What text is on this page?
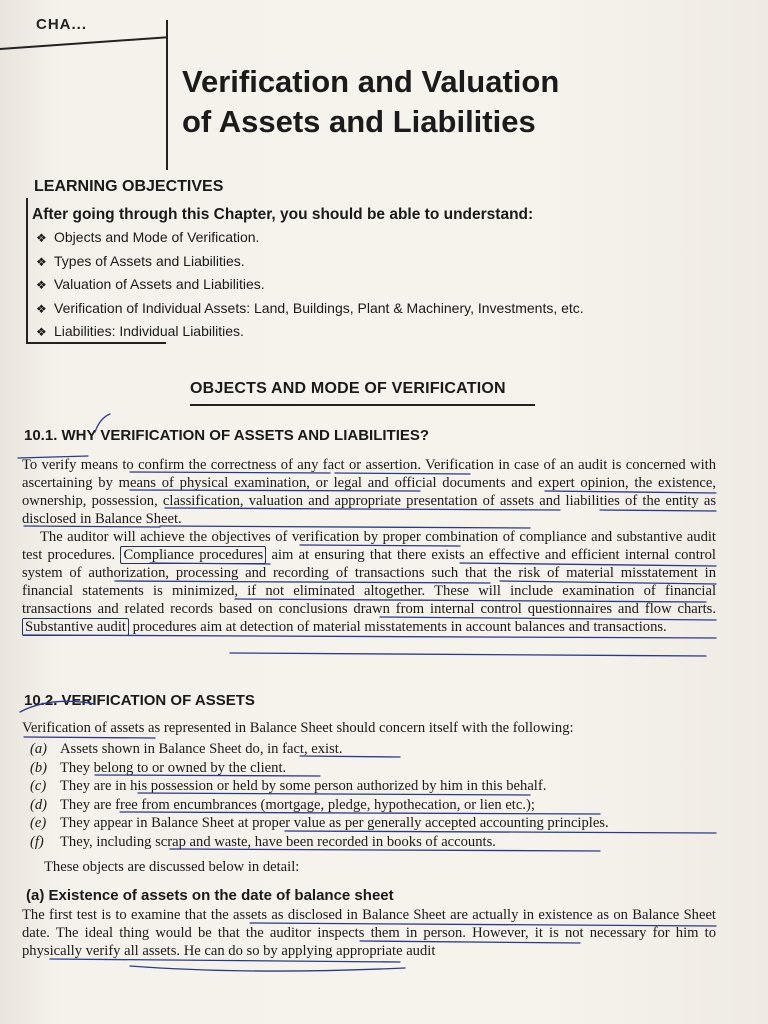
CHA...
Verification and Valuation
of Assets and Liabilities
LEARNING OBJECTIVES
After going through this Chapter, you should be able to understand:
❖ Objects and Mode of Verification.
❖ Types of Assets and Liabilities.
❖ Valuation of Assets and Liabilities.
❖ Verification of Individual Assets: Land, Buildings, Plant & Machinery, Investments, etc.
❖ Liabilities: Individual Liabilities.
OBJECTS AND MODE OF VERIFICATION
10.1. WHY VERIFICATION OF ASSETS AND LIABILITIES?

To verify means to confirm the correctness of any fact or assertion. Verification in case of an audit is concerned with ascertaining by means of physical examination, or legal and official documents and expert opinion, the existence, ownership, possession, classification, valuation and appropriate presentation of assets and liabilities of the entity as disclosed in Balance Sheet.

The auditor will achieve the objectives of verification by proper combination of compliance and substantive audit test procedures. Compliance procedures aim at ensuring that there exists an effective and efficient internal control system of authorization, processing and recording of transactions such that the risk of material misstatement in financial statements is minimized, if not eliminated altogether. These will include examination of financial transactions and related records based on conclusions drawn from internal control questionnaires and flow charts. Substantive audit procedures aim at detection of material misstatements in account balances and transactions.

10.2. VERIFICATION OF ASSETS
Verification of assets as represented in Balance Sheet should concern itself with the following:
(a) Assets shown in Balance Sheet do, in fact, exist.
(b) They belong to or owned by the client.
(c) They are in his possession or held by some person authorized by him in this behalf.
(d) They are free from encumbrances (mortgage, pledge, hypothecation, or lien etc.);
(e) They appear in Balance Sheet at proper value as per generally accepted accounting principles.
(f) They, including scrap and waste, have been recorded in books of accounts.
These objects are discussed below in detail:
(a) Existence of assets on the date of balance sheet
The first test is to examine that the assets as disclosed in Balance Sheet are actually in existence as on Balance Sheet date. The ideal thing would be that the auditor inspects them in person. However, it is not necessary for him to physically verify all assets. He can do so by applying appropriate audit
